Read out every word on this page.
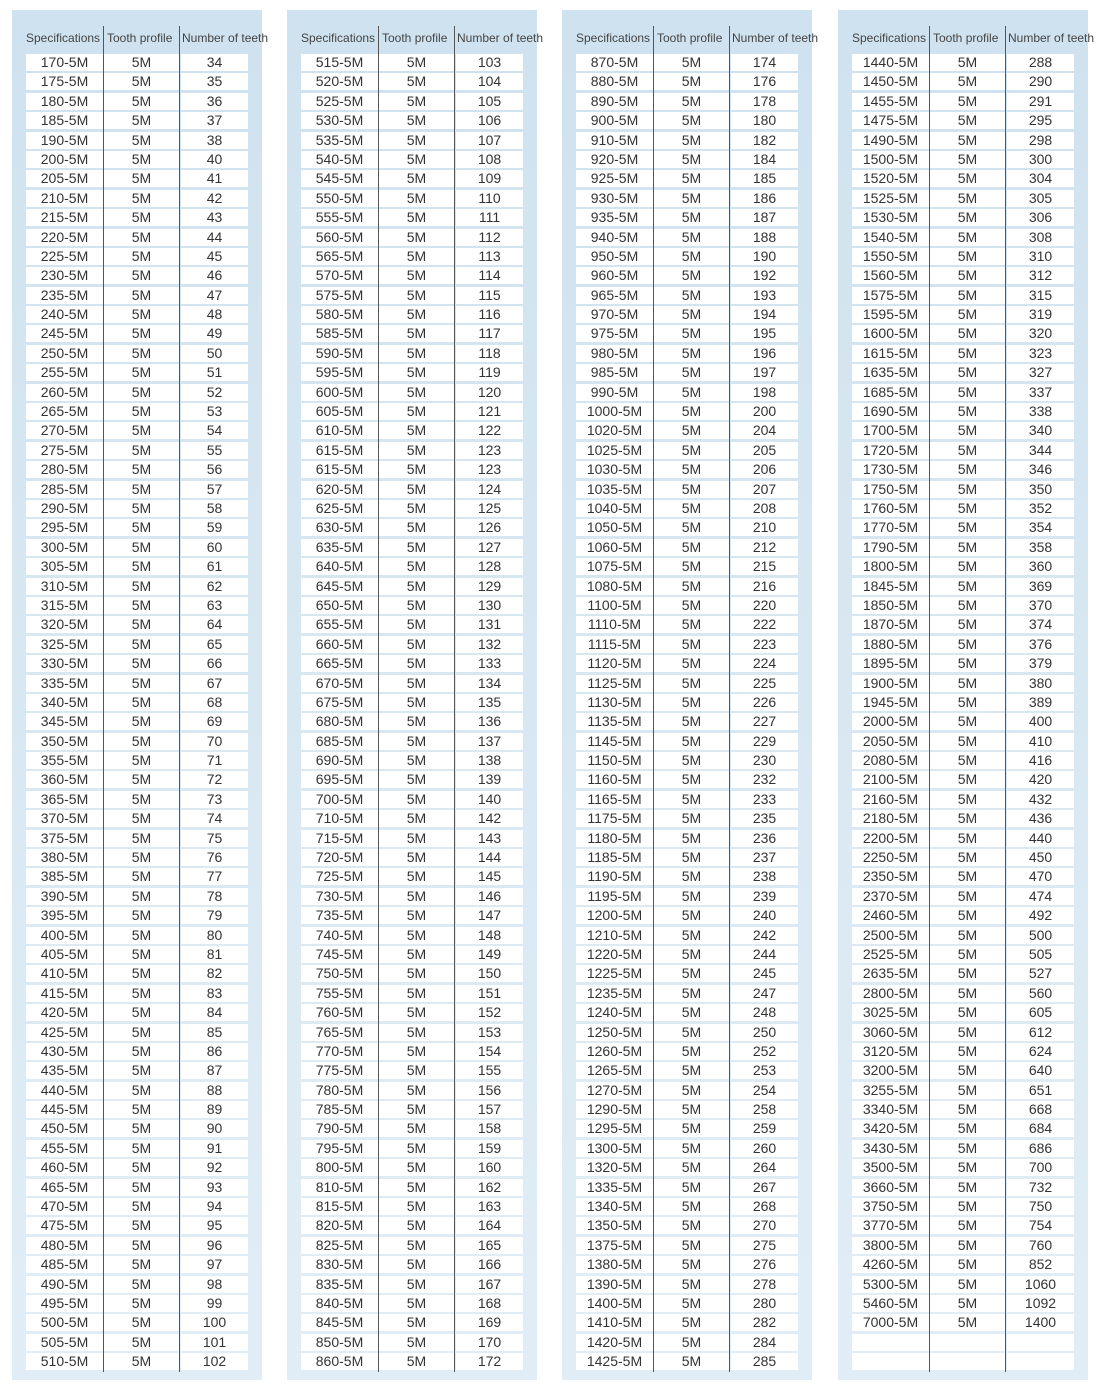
Specifications Tooth profile Number of teeth
170-5M	5M	34
175-5M	5M	35
180-5M	5M	36
185-5M	5M	37
190-5M	5M	38
200-5M	5M	40
205-5M	5M	41
210-5M	5M	42
215-5M	5M	43
220-5M	5M	44
225-5M	5M	45
230-5M	5M	46
235-5M	5M	47
240-5M	5M	48
245-5M	5M	49
250-5M	5M	50
255-5M	5M	51
260-5M	5M	52
265-5M	5M	53
270-5M	5M	54
275-5M	5M	55
280-5M	5M	56
285-5M	5M	57
290-5M	5M	58
295-5M	5M	59
300-5M	5M	60
305-5M	5M	61
310-5M	5M	62
315-5M	5M	63
320-5M	5M	64
325-5M	5M	65
330-5M	5M	66
335-5M	5M	67
340-5M	5M	68
345-5M	5M	69
350-5M	5M	70
355-5M	5M	71
360-5M	5M	72
365-5M	5M	73
370-5M	5M	74
375-5M	5M	75
380-5M	5M	76
385-5M	5M	77
390-5M	5M	78
395-5M	5M	79
400-5M	5M	80
405-5M	5M	81
410-5M	5M	82
415-5M	5M	83
420-5M	5M	84
425-5M	5M	85
430-5M	5M	86
435-5M	5M	87
440-5M	5M	88
445-5M	5M	89
450-5M	5M	90
455-5M	5M	91
460-5M	5M	92
465-5M	5M	93
470-5M	5M	94
475-5M	5M	95
480-5M	5M	96
485-5M	5M	97
490-5M	5M	98
495-5M	5M	99
500-5M	5M	100
505-5M	5M	101
510-5M	5M	102
Specifications Tooth profile Number of teeth
515-5M	5M	103
520-5M	5M	104
525-5M	5M	105
530-5M	5M	106
535-5M	5M	107
540-5M	5M	108
545-5M	5M	109
550-5M	5M	110
555-5M	5M	111
560-5M	5M	112
565-5M	5M	113
570-5M	5M	114
575-5M	5M	115
580-5M	5M	116
585-5M	5M	117
590-5M	5M	118
595-5M	5M	119
600-5M	5M	120
605-5M	5M	121
610-5M	5M	122
615-5M	5M	123
615-5M	5M	123
620-5M	5M	124
625-5M	5M	125
630-5M	5M	126
635-5M	5M	127
640-5M	5M	128
645-5M	5M	129
650-5M	5M	130
655-5M	5M	131
660-5M	5M	132
665-5M	5M	133
670-5M	5M	134
675-5M	5M	135
680-5M	5M	136
685-5M	5M	137
690-5M	5M	138
695-5M	5M	139
700-5M	5M	140
710-5M	5M	142
715-5M	5M	143
720-5M	5M	144
725-5M	5M	145
730-5M	5M	146
735-5M	5M	147
740-5M	5M	148
745-5M	5M	149
750-5M	5M	150
755-5M	5M	151
760-5M	5M	152
765-5M	5M	153
770-5M	5M	154
775-5M	5M	155
780-5M	5M	156
785-5M	5M	157
790-5M	5M	158
795-5M	5M	159
800-5M	5M	160
810-5M	5M	162
815-5M	5M	163
820-5M	5M	164
825-5M	5M	165
830-5M	5M	166
835-5M	5M	167
840-5M	5M	168
845-5M	5M	169
850-5M	5M	170
860-5M	5M	172
Specifications Tooth profile Number of teeth
870-5M	5M	174
880-5M	5M	176
890-5M	5M	178
900-5M	5M	180
910-5M	5M	182
920-5M	5M	184
925-5M	5M	185
930-5M	5M	186
935-5M	5M	187
940-5M	5M	188
950-5M	5M	190
960-5M	5M	192
965-5M	5M	193
970-5M	5M	194
975-5M	5M	195
980-5M	5M	196
985-5M	5M	197
990-5M	5M	198
1000-5M	5M	200
1020-5M	5M	204
1025-5M	5M	205
1030-5M	5M	206
1035-5M	5M	207
1040-5M	5M	208
1050-5M	5M	210
1060-5M	5M	212
1075-5M	5M	215
1080-5M	5M	216
1100-5M	5M	220
1110-5M	5M	222
1115-5M	5M	223
1120-5M	5M	224
1125-5M	5M	225
1130-5M	5M	226
1135-5M	5M	227
1145-5M	5M	229
1150-5M	5M	230
1160-5M	5M	232
1165-5M	5M	233
1175-5M	5M	235
1180-5M	5M	236
1185-5M	5M	237
1190-5M	5M	238
1195-5M	5M	239
1200-5M	5M	240
1210-5M	5M	242
1220-5M	5M	244
1225-5M	5M	245
1235-5M	5M	247
1240-5M	5M	248
1250-5M	5M	250
1260-5M	5M	252
1265-5M	5M	253
1270-5M	5M	254
1290-5M	5M	258
1295-5M	5M	259
1300-5M	5M	260
1320-5M	5M	264
1335-5M	5M	267
1340-5M	5M	268
1350-5M	5M	270
1375-5M	5M	275
1380-5M	5M	276
1390-5M	5M	278
1400-5M	5M	280
1410-5M	5M	282
1420-5M	5M	284
1425-5M	5M	285
Specifications Tooth profile Number of teeth
1440-5M	5M	288
1450-5M	5M	290
1455-5M	5M	291
1475-5M	5M	295
1490-5M	5M	298
1500-5M	5M	300
1520-5M	5M	304
1525-5M	5M	305
1530-5M	5M	306
1540-5M	5M	308
1550-5M	5M	310
1560-5M	5M	312
1575-5M	5M	315
1595-5M	5M	319
1600-5M	5M	320
1615-5M	5M	323
1635-5M	5M	327
1685-5M	5M	337
1690-5M	5M	338
1700-5M	5M	340
1720-5M	5M	344
1730-5M	5M	346
1750-5M	5M	350
1760-5M	5M	352
1770-5M	5M	354
1790-5M	5M	358
1800-5M	5M	360
1845-5M	5M	369
1850-5M	5M	370
1870-5M	5M	374
1880-5M	5M	376
1895-5M	5M	379
1900-5M	5M	380
1945-5M	5M	389
2000-5M	5M	400
2050-5M	5M	410
2080-5M	5M	416
2100-5M	5M	420
2160-5M	5M	432
2180-5M	5M	436
2200-5M	5M	440
2250-5M	5M	450
2350-5M	5M	470
2370-5M	5M	474
2460-5M	5M	492
2500-5M	5M	500
2525-5M	5M	505
2635-5M	5M	527
2800-5M	5M	560
3025-5M	5M	605
3060-5M	5M	612
3120-5M	5M	624
3200-5M	5M	640
3255-5M	5M	651
3340-5M	5M	668
3420-5M	5M	684
3430-5M	5M	686
3500-5M	5M	700
3660-5M	5M	732
3750-5M	5M	750
3770-5M	5M	754
3800-5M	5M	760
4260-5M	5M	852
5300-5M	5M	1060
5460-5M	5M	1092
7000-5M	5M	1400
